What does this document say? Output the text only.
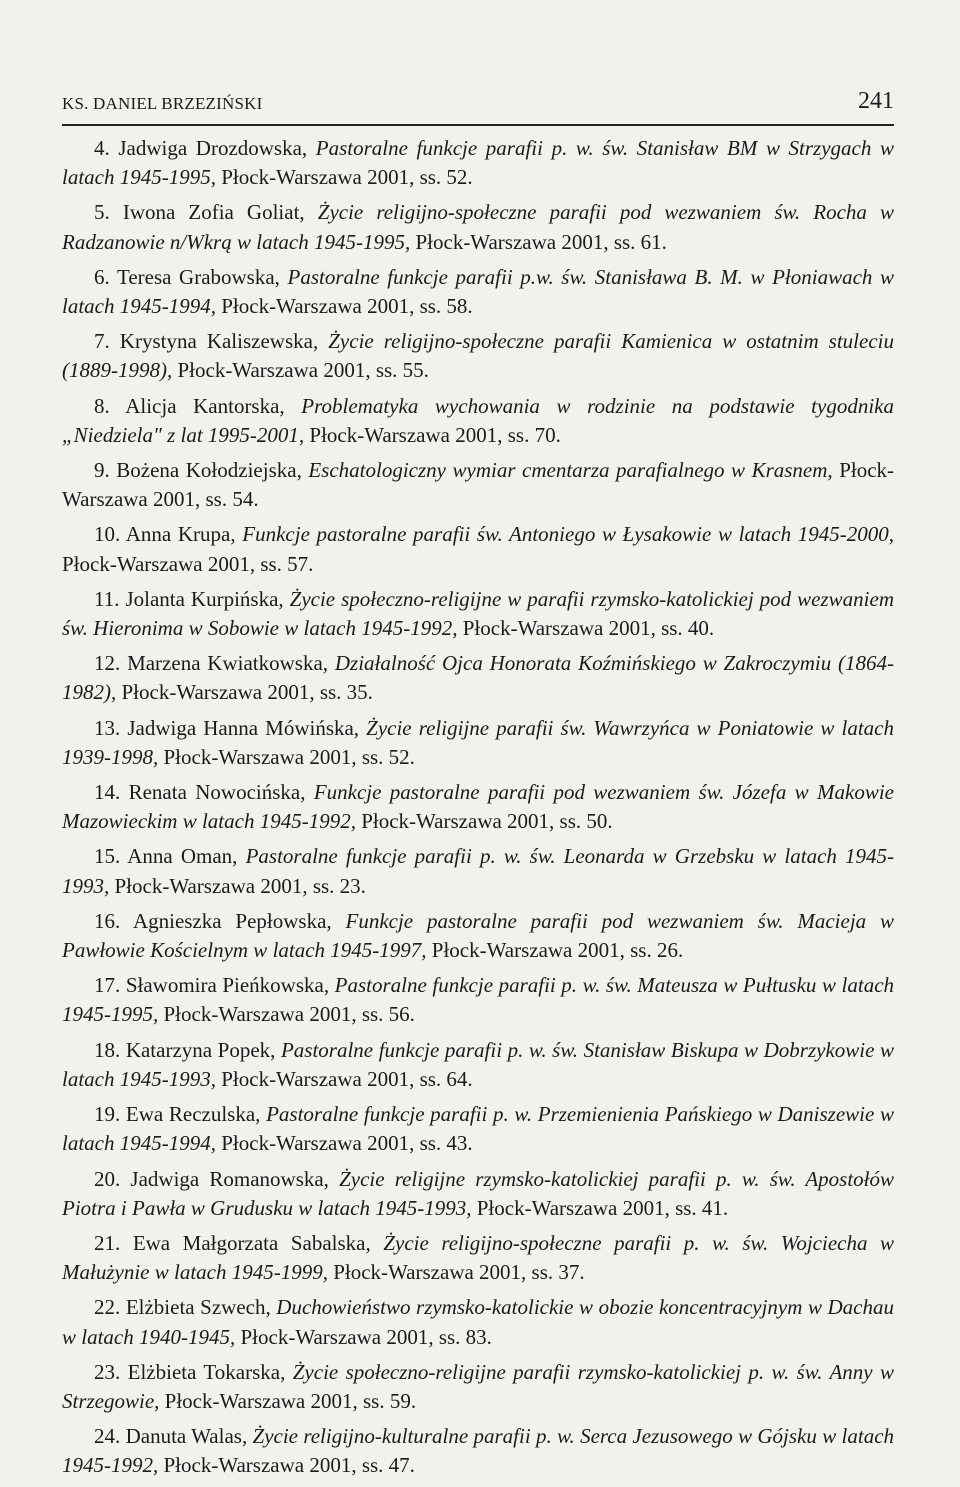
KS. DANIEL BRZEZIŃSKI	241

4. Jadwiga Drozdowska, Pastoralne funkcje parafii p. w. św. Stanisław BM w Strzygach w latach 1945-1995, Płock-Warszawa 2001, ss. 52.

5. Iwona Zofia Goliat, Życie religijno-społeczne parafii pod wezwaniem św. Rocha w Radzanowie n/Wkrą w latach 1945-1995, Płock-Warszawa 2001, ss. 61.

6. Teresa Grabowska, Pastoralne funkcje parafii p.w. św. Stanisława B. M. w Płoniawach w latach 1945-1994, Płock-Warszawa 2001, ss. 58.

7. Krystyna Kaliszewska, Życie religijno-społeczne parafii Kamienica w ostatnim stuleciu (1889-1998), Płock-Warszawa 2001, ss. 55.

8. Alicja Kantorska, Problematyka wychowania w rodzinie na podstawie tygodnika „Niedziela" z lat 1995-2001, Płock-Warszawa 2001, ss. 70.

9. Bożena Kołodziejska, Eschatologiczny wymiar cmentarza parafialnego w Krasnem, Płock-Warszawa 2001, ss. 54.

10. Anna Krupa, Funkcje pastoralne parafii św. Antoniego w Łysakowie w latach 1945-2000, Płock-Warszawa 2001, ss. 57.

11. Jolanta Kurpińska, Życie społeczno-religijne w parafii rzymsko-katolickiej pod wezwaniem św. Hieronima w Sobowie w latach 1945-1992, Płock-Warszawa 2001, ss. 40.

12. Marzena Kwiatkowska, Działalność Ojca Honorata Koźmińskiego w Zakroczymiu (1864-1982), Płock-Warszawa 2001, ss. 35.

13. Jadwiga Hanna Mówińska, Życie religijne parafii św. Wawrzyńca w Poniatowie w latach 1939-1998, Płock-Warszawa 2001, ss. 52.

14. Renata Nowocińska, Funkcje pastoralne parafii pod wezwaniem św. Józefa w Makowie Mazowieckim w latach 1945-1992, Płock-Warszawa 2001, ss. 50.

15. Anna Oman, Pastoralne funkcje parafii p. w. św. Leonarda w Grzebsku w latach 1945-1993, Płock-Warszawa 2001, ss. 23.

16. Agnieszka Pepłowska, Funkcje pastoralne parafii pod wezwaniem św. Macieja w Pawłowie Kościelnym w latach 1945-1997, Płock-Warszawa 2001, ss. 26.

17. Sławomira Pieńkowska, Pastoralne funkcje parafii p. w. św. Mateusza w Pułtusku w latach 1945-1995, Płock-Warszawa 2001, ss. 56.

18. Katarzyna Popek, Pastoralne funkcje parafii p. w. św. Stanisław Biskupa w Dobrzykowie w latach 1945-1993, Płock-Warszawa 2001, ss. 64.

19. Ewa Reczulska, Pastoralne funkcje parafii p. w. Przemienienia Pańskiego w Daniszewie w latach 1945-1994, Płock-Warszawa 2001, ss. 43.

20. Jadwiga Romanowska, Życie religijne rzymsko-katolickiej parafii p. w. św. Apostołów Piotra i Pawła w Grudusku w latach 1945-1993, Płock-Warszawa 2001, ss. 41.

21. Ewa Małgorzata Sabalska, Życie religijno-społeczne parafii p. w. św. Wojciecha w Małużynie w latach 1945-1999, Płock-Warszawa 2001, ss. 37.

22. Elżbieta Szwech, Duchowieństwo rzymsko-katolickie w obozie koncentracyjnym w Dachau w latach 1940-1945, Płock-Warszawa 2001, ss. 83.

23. Elżbieta Tokarska, Życie społeczno-religijne parafii rzymsko-katolickiej p. w. św. Anny w Strzegowie, Płock-Warszawa 2001, ss. 59.

24. Danuta Walas, Życie religijno-kulturalne parafii p. w. Serca Jezusowego w Gójsku w latach 1945-1992, Płock-Warszawa 2001, ss. 47.
